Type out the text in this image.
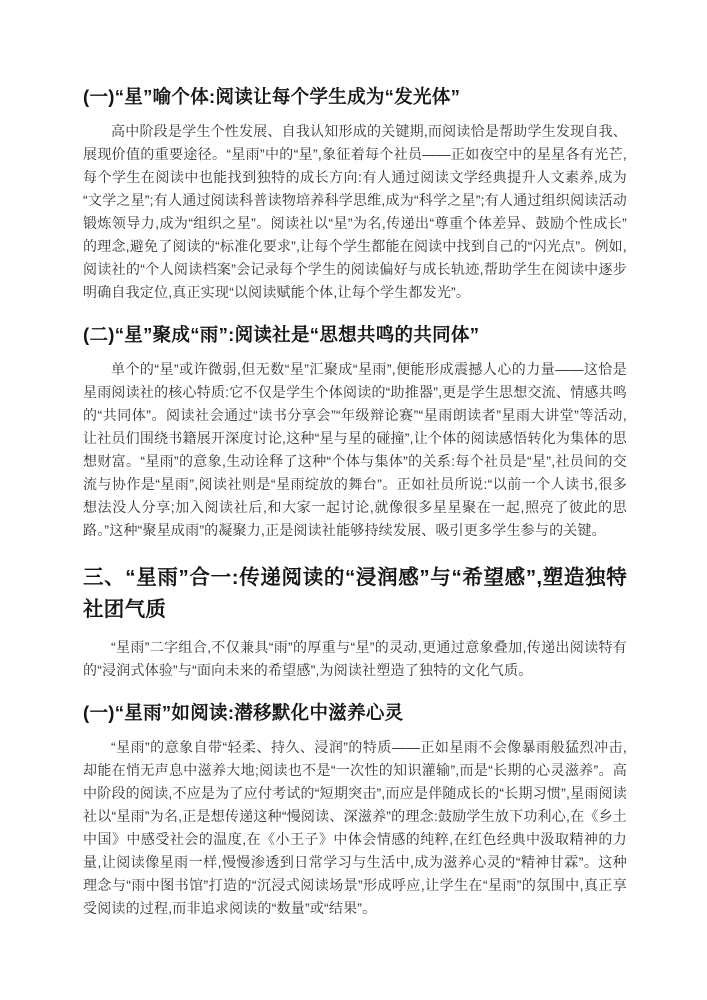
(一)“星”喻个体:阅读让每个学生成为“发光体”

高中阶段是学生个性发展、自我认知形成的关键期,而阅读恰是帮助学生发现自我、展现价值的重要途径。“星雨”中的“星”,象征着每个社员——正如夜空中的星星各有光芒,每个学生在阅读中也能找到独特的成长方向:有人通过阅读文学经典提升人文素养,成为“文学之星”;有人通过阅读科普读物培养科学思维,成为“科学之星”;有人通过组织阅读活动锻炼领导力,成为“组织之星”。阅读社以“星”为名,传递出“尊重个体差异、鼓励个性成长”的理念,避免了阅读的“标准化要求”,让每个学生都能在阅读中找到自己的“闪光点”。例如,阅读社的“个人阅读档案”会记录每个学生的阅读偏好与成长轨迹,帮助学生在阅读中逐步明确自我定位,真正实现“以阅读赋能个体,让每个学生都发光”。

(二)“星”聚成“雨”:阅读社是“思想共鸣的共同体”

单个的“星”或许微弱,但无数“星”汇聚成“星雨”,便能形成震撼人心的力量——这恰是星雨阅读社的核心特质:它不仅是学生个体阅读的“助推器”,更是学生思想交流、情感共鸣的“共同体”。阅读社会通过“读书分享会”“年级辩论赛”“星雨朗读者”星雨大讲堂”等活动,让社员们围绕书籍展开深度讨论,这种“星与星的碰撞”,让个体的阅读感悟转化为集体的思想财富。“星雨”的意象,生动诠释了这种“个体与集体”的关系:每个社员是“星”,社员间的交流与协作是“星雨”,阅读社则是“星雨绽放的舞台”。正如社员所说:“以前一个人读书,很多想法没人分享;加入阅读社后,和大家一起讨论,就像很多星星聚在一起,照亮了彼此的思路。”这种“聚星成雨”的凝聚力,正是阅读社能够持续发展、吸引更多学生参与的关键。

三、“星雨”合一:传递阅读的“浸润感”与“希望感”,塑造独特社团气质

“星雨”二字组合,不仅兼具“雨”的厚重与“星”的灵动,更通过意象叠加,传递出阅读特有的“浸润式体验”与“面向未来的希望感”,为阅读社塑造了独特的文化气质。

(一)“星雨”如阅读:潜移默化中滋养心灵

“星雨”的意象自带“轻柔、持久、浸润”的特质——正如星雨不会像暴雨般猛烈冲击,却能在悄无声息中滋养大地;阅读也不是“一次性的知识灌输”,而是“长期的心灵滋养”。高中阶段的阅读,不应是为了应付考试的“短期突击”,而应是伴随成长的“长期习惯”,星雨阅读社以“星雨”为名,正是想传递这种“慢阅读、深滋养”的理念:鼓励学生放下功利心,在《乡土中国》中感受社会的温度,在《小王子》中体会情感的纯粹,在红色经典中汲取精神的力量,让阅读像星雨一样,慢慢渗透到日常学习与生活中,成为滋养心灵的“精神甘霖”。这种理念与“雨中图书馆”打造的“沉浸式阅读场景”形成呼应,让学生在“星雨”的氛围中,真正享受阅读的过程,而非追求阅读的“数量”或“结果”。
